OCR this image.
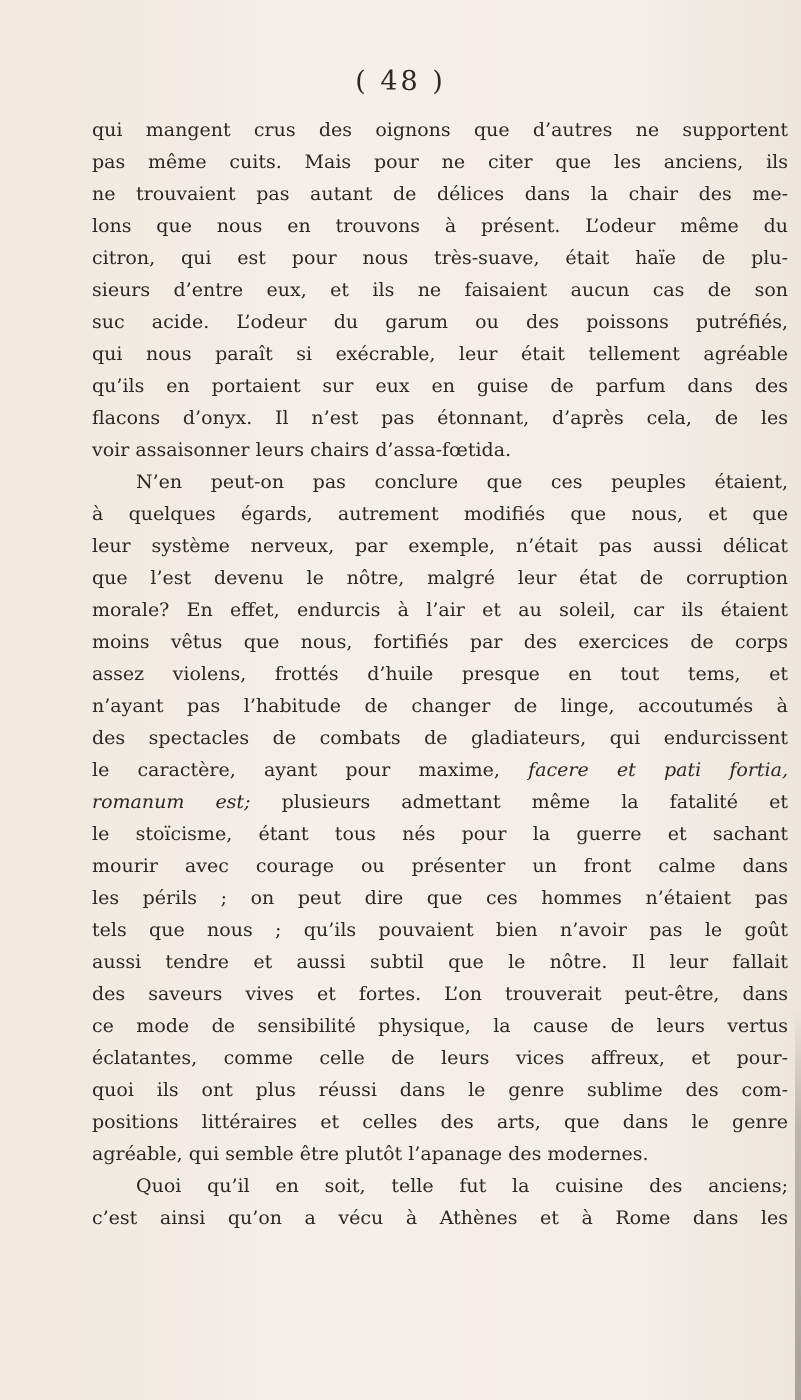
( 48 )
qui mangent crus des oignons que d’autres ne supportent
pas même cuits. Mais pour ne citer que les anciens, ils
ne trouvaient pas autant de délices dans la chair des me-
lons que nous en trouvons à présent. L’odeur même du
citron, qui est pour nous très-suave, était haïe de plu-
sieurs d’entre eux, et ils ne faisaient aucun cas de son
suc acide. L’odeur du garum ou des poissons putréfiés,
qui nous paraît si exécrable, leur était tellement agréable
qu’ils en portaient sur eux en guise de parfum dans des
flacons d’onyx. Il n’est pas étonnant, d’après cela, de les
voir assaisonner leurs chairs d’assa-fœtida.
N’en peut-on pas conclure que ces peuples étaient,
à quelques égards, autrement modifiés que nous, et que
leur système nerveux, par exemple, n’était pas aussi délicat
que l’est devenu le nôtre, malgré leur état de corruption
morale? En effet, endurcis à l’air et au soleil, car ils étaient
moins vêtus que nous, fortifiés par des exercices de corps
assez violens, frottés d’huile presque en tout tems, et
n’ayant pas l’habitude de changer de linge, accoutumés à
des spectacles de combats de gladiateurs, qui endurcissent
le caractère, ayant pour maxime, facere et pati fortia,
romanum est; plusieurs admettant même la fatalité et
le stoïcisme, étant tous nés pour la guerre et sachant
mourir avec courage ou présenter un front calme dans
les périls ; on peut dire que ces hommes n’étaient pas
tels que nous ; qu’ils pouvaient bien n’avoir pas le goût
aussi tendre et aussi subtil que le nôtre. Il leur fallait
des saveurs vives et fortes. L’on trouverait peut-être, dans
ce mode de sensibilité physique, la cause de leurs vertus
éclatantes, comme celle de leurs vices affreux, et pour-
quoi ils ont plus réussi dans le genre sublime des com-
positions littéraires et celles des arts, que dans le genre
agréable, qui semble être plutôt l’apanage des modernes.
Quoi qu’il en soit, telle fut la cuisine des anciens;
c’est ainsi qu’on a vécu à Athènes et à Rome dans les
